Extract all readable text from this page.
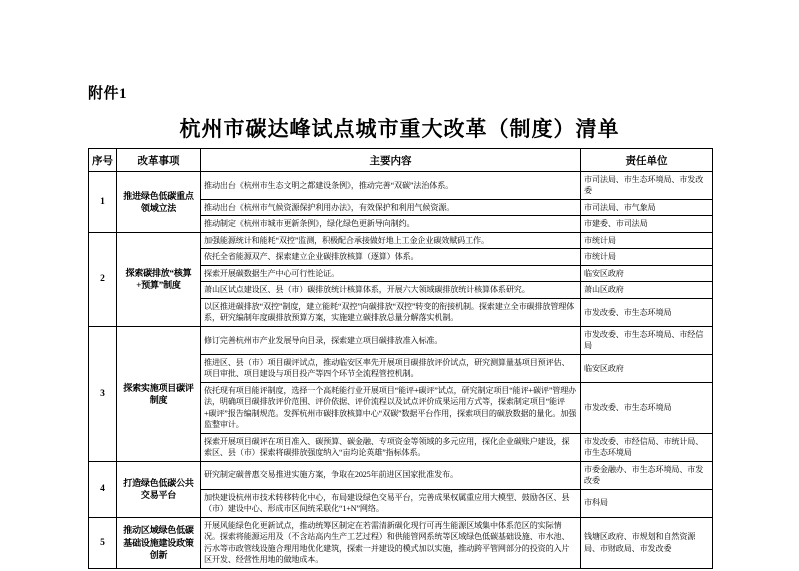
附件1
杭州市碳达峰试点城市重大改革（制度）清单
序号	改革事项	主要内容	责任单位
1	推进绿色低碳重点领域立法	推动出台《杭州市生态文明之都建设条例》，推动完善“双碳”法治体系。	市司法局、市生态环境局、市发改委

		推动出台《杭州市气候资源保护利用办法》，有效保护和利用气候资源。	市司法局、市气象局

		推动制定《杭州市城市更新条例》，绿化绿色更新导向制约。	市建委、市司法局

2	探索碳排放“核算+预算”制度	加强能源统计和能耗“双控”监测，积极配合承接做好地上工金企业碳效赋码工作。	市统计局

		依托全省能源双产、探索建立企业碳排放核算（逐算）体系。	市统计局

		探索开展碳数据生产中心可行性论证。	临安区政府

		萧山区试点建设区、县（市）碳排放统计核算体系，开展六大领域碳排放统计核算体系研究。	萧山区政府

		以区推进碳排放“双控”制度，建立能耗“双控”向碳排放“双控”转变的衔接机制。探索建立全市碳排放管理体系，研究编制年度碳排放预算方案，实施建立碳排放总量分解落实机制。	市发改委、市生态环境局

3	探索实施项目碳评制度	修订完善杭州市产业发展导向目录，探索建立项目碳排放准入标准。	市发改委、市生态环境局、市经信局

		推进区、县（市）项目碳评试点，推动临安区率先开展项目碳排放评价试点，研究测算量基项目预评估、项目审批、项目建设与项目投产等四个环节全流程管控机制。	临安区政府

		依托现有项目能评制度，选择一个高耗能行业开展项目“能评+碳评”试点，研究制定项目“能评+碳评”管理办法，明确项目碳排放评价范围、评价依据、评价流程以及试点评价成果运用方式等，探索制定项目“能评+碳评”报告编制规范。发挥杭州市碳排放核算中心“双碳”数据平台作用，探索项目的碳放数据的量化。加强监整审计。	市发改委、市生态环境局

		探索开展项目碳评在项目准入、碳预算、碳金融、专项资金等领域的多元应用，探化企业碳账户建设，探索区、县（市）探索将碳排放强度纳入“亩均论英雄”指标体系。	市发改委、市经信局、市统计局、市生态环境局

4	打造绿色低碳公共交易平台	研究制定碳普惠交易推进实施方案，争取在2025年前进区国家批准发布。	市委金融办、市生态环境局、市发改委

		加快建设杭州市技术转移转化中心，布局建设绿色交易平台，完善成果权属重应用大模型、鼓励各区、县（市）建设中心、形成市区间统采联化“1+N”网络。	市科局

5	推动区域绿色低碳基础设施建设政策创新	开展风能绿色化更新试点，推动统筹区制定在若需清新碳化现行可再生能源区域集中体系范区的实际情况。探索将能源运用及（不含站高内生产工艺过程）和供能管网系统等区域绿色低碳基础设施、市水池、污水等市政管线设施合理用地优化建筑，探索一并建设的模式加以实施，推动跨平管网部分的投资的入片区开发、经营性用地的做地成本。	钱塘区政府、市规划和自然资源局、市财政局、市发改委
